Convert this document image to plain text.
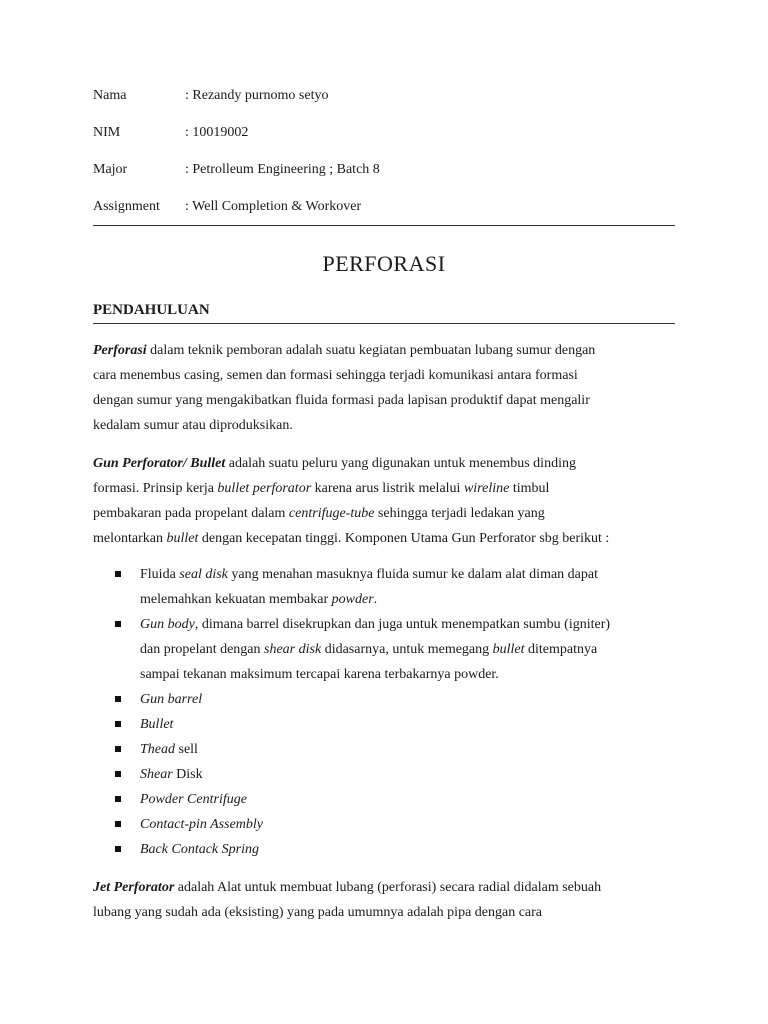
Nama	: Rezandy purnomo setyo
NIM	: 10019002
Major	: Petrolleum Engineering ; Batch 8
Assignment : Well Completion & Workover
PERFORASI
PENDAHULUAN

Perforasi dalam teknik pemboran adalah suatu kegiatan pembuatan lubang sumur dengan
cara menembus casing, semen dan formasi sehingga terjadi komunikasi antara formasi
dengan sumur yang mengakibatkan fluida formasi pada lapisan produktif dapat mengalir
kedalam sumur atau diproduksikan.

Gun Perforator/ Bullet adalah suatu peluru yang digunakan untuk menembus dinding
formasi. Prinsip kerja bullet perforator karena arus listrik melalui wireline timbul
pembakaran pada propelant dalam centrifuge-tube sehingga terjadi ledakan yang
melontarkan bullet dengan kecepatan tinggi. Komponen Utama Gun Perforator sbg berikut :

Fluida seal disk yang menahan masuknya fluida sumur ke dalam alat diman dapat
melemahkan kekuatan membakar powder.
Gun body, dimana barrel disekrupkan dan juga untuk menempatkan sumbu (igniter)
dan propelant dengan shear disk didasarnya, untuk memegang bullet ditempatnya
sampai tekanan maksimum tercapai karena terbakarnya powder.
Gun barrel
Bullet
Thead sell
Shear Disk
Powder Centrifuge
Contact-pin Assembly
Back Contack Spring

Jet Perforator adalah Alat untuk membuat lubang (perforasi) secara radial didalam sebuah
lubang yang sudah ada (eksisting) yang pada umumnya adalah pipa dengan cara
